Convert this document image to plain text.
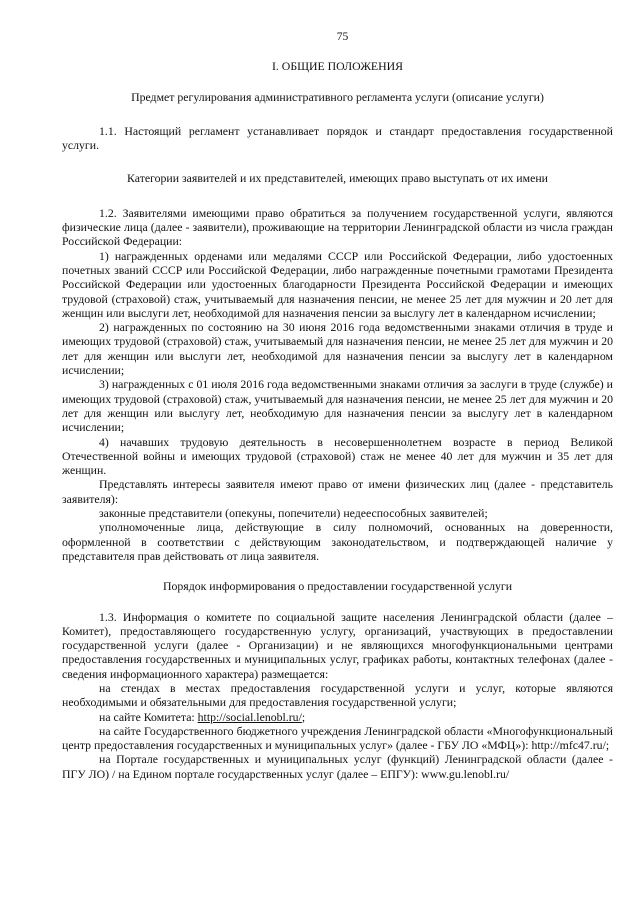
75
I. ОБЩИЕ ПОЛОЖЕНИЯ
Предмет регулирования административного регламента услуги (описание услуги)

1.1. Настоящий регламент устанавливает порядок и стандарт предоставления государственной услуги.

Категории заявителей и их представителей, имеющих право выступать от их имени

1.2. Заявителями имеющими право обратиться за получением государственной услуги, являются физические лица (далее - заявители), проживающие на территории Ленинградской области из числа граждан Российской Федерации:

1) награжденных орденами или медалями СССР или Российской Федерации, либо удостоенных почетных званий СССР или Российской Федерации, либо награжденные почетными грамотами Президента Российской Федерации или удостоенных благодарности Президента Российской Федерации и имеющих трудовой (страховой) стаж, учитываемый для назначения пенсии, не менее 25 лет для мужчин и 20 лет для женщин или выслуги лет, необходимой для назначения пенсии за выслугу лет в календарном исчислении;

2) награжденных по состоянию на 30 июня 2016 года ведомственными знаками отличия в труде и имеющих трудовой (страховой) стаж, учитываемый для назначения пенсии, не менее 25 лет для мужчин и 20 лет для женщин или выслуги лет, необходимой для назначения пенсии за выслугу лет в календарном исчислении;

3) награжденных с 01 июля 2016 года ведомственными знаками отличия за заслуги в труде (службе) и имеющих трудовой (страховой) стаж, учитываемый для назначения пенсии, не менее 25 лет для мужчин и 20 лет для женщин или выслугу лет, необходимую для назначения пенсии за выслугу лет в календарном исчислении;

4) начавших трудовую деятельность в несовершеннолетнем возрасте в период Великой Отечественной войны и имеющих трудовой (страховой) стаж не менее 40 лет для мужчин и 35 лет для женщин.

Представлять интересы заявителя имеют право от имени физических лиц (далее - представитель заявителя):

законные представители (опекуны, попечители) недееспособных заявителей;

уполномоченные лица, действующие в силу полномочий, основанных на доверенности, оформленной в соответствии с действующим законодательством, и подтверждающей наличие у представителя прав действовать от лица заявителя.

Порядок информирования о предоставлении государственной услуги

1.3. Информация о комитете по социальной защите населения Ленинградской области (далее – Комитет), предоставляющего государственную услугу, организаций, участвующих в предоставлении государственной услуги (далее - Организации) и не являющихся многофункциональными центрами предоставления государственных и муниципальных услуг, графиках работы, контактных телефонах (далее - сведения информационного характера) размещается:

на стендах в местах предоставления государственной услуги и услуг, которые являются необходимыми и обязательными для предоставления государственной услуги;

на сайте Комитета: http://social.lenobl.ru/;

на сайте Государственного бюджетного учреждения Ленинградской области «Многофункциональный центр предоставления государственных и муниципальных услуг» (далее - ГБУ ЛО «МФЦ»): http://mfc47.ru/;

на Портале государственных и муниципальных услуг (функций) Ленинградской области (далее - ПГУ ЛО) / на Едином портале государственных услуг (далее – ЕПГУ): www.gu.lenobl.ru/
